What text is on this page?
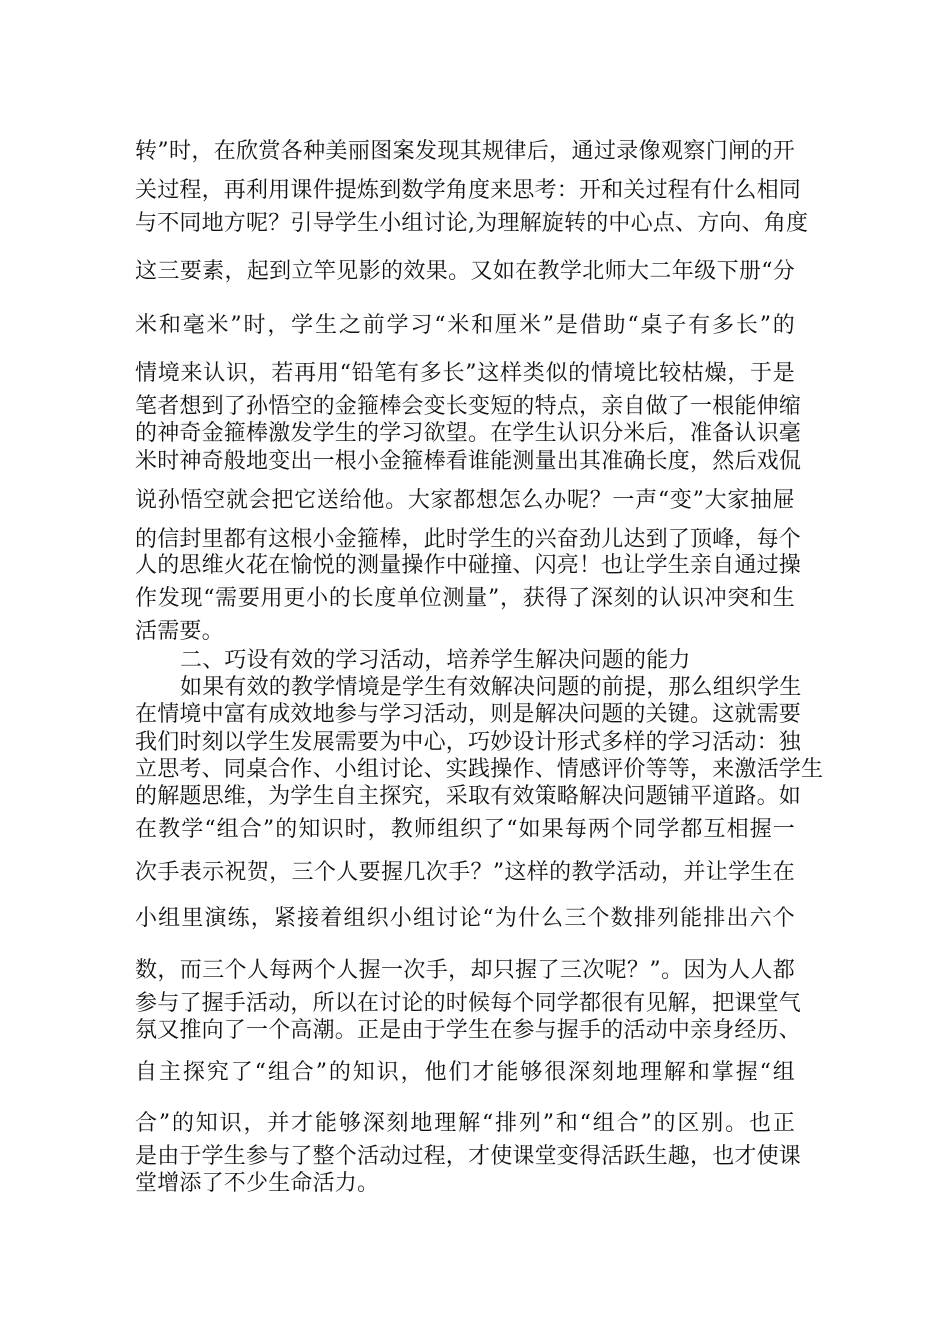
转”时，在欣赏各种美丽图案发现其规律后，通过录像观察门闸的开
关过程，再利用课件提炼到数学角度来思考：开和关过程有什么相同
与不同地方呢？引导学生小组讨论,为理解旋转的中心点、方向、角度
这三要素，起到立竿见影的效果。又如在教学北师大二年级下册“分
米和毫米”时，学生之前学习“米和厘米”是借助“桌子有多长”的
情境来认识，若再用“铅笔有多长”这样类似的情境比较枯燥，于是
笔者想到了孙悟空的金箍棒会变长变短的特点，亲自做了一根能伸缩
的神奇金箍棒激发学生的学习欲望。在学生认识分米后，准备认识毫
米时神奇般地变出一根小金箍棒看谁能测量出其准确长度，然后戏侃
说孙悟空就会把它送给他。大家都想怎么办呢？一声“变”大家抽屉
的信封里都有这根小金箍棒，此时学生的兴奋劲儿达到了顶峰，每个
人的思维火花在愉悦的测量操作中碰撞、闪亮！也让学生亲自通过操
作发现“需要用更小的长度单位测量”，获得了深刻的认识冲突和生
活需要。
二、巧设有效的学习活动，培养学生解决问题的能力
如果有效的教学情境是学生有效解决问题的前提，那么组织学生
在情境中富有成效地参与学习活动，则是解决问题的关键。这就需要
我们时刻以学生发展需要为中心，巧妙设计形式多样的学习活动：独
立思考、同桌合作、小组讨论、实践操作、情感评价等等，来激活学生
的解题思维，为学生自主探究，采取有效策略解决问题铺平道路。如
在教学“组合”的知识时，教师组织了“如果每两个同学都互相握一
次手表示祝贺，三个人要握几次手？”这样的教学活动，并让学生在
小组里演练，紧接着组织小组讨论“为什么三个数排列能排出六个
数，而三个人每两个人握一次手，却只握了三次呢？”。因为人人都
参与了握手活动，所以在讨论的时候每个同学都很有见解，把课堂气
氛又推向了一个高潮。正是由于学生在参与握手的活动中亲身经历、
自主探究了“组合”的知识，他们才能够很深刻地理解和掌握“组
合”的知识，并才能够深刻地理解“排列”和“组合”的区别。也正
是由于学生参与了整个活动过程，才使课堂变得活跃生趣，也才使课
堂增添了不少生命活力。
